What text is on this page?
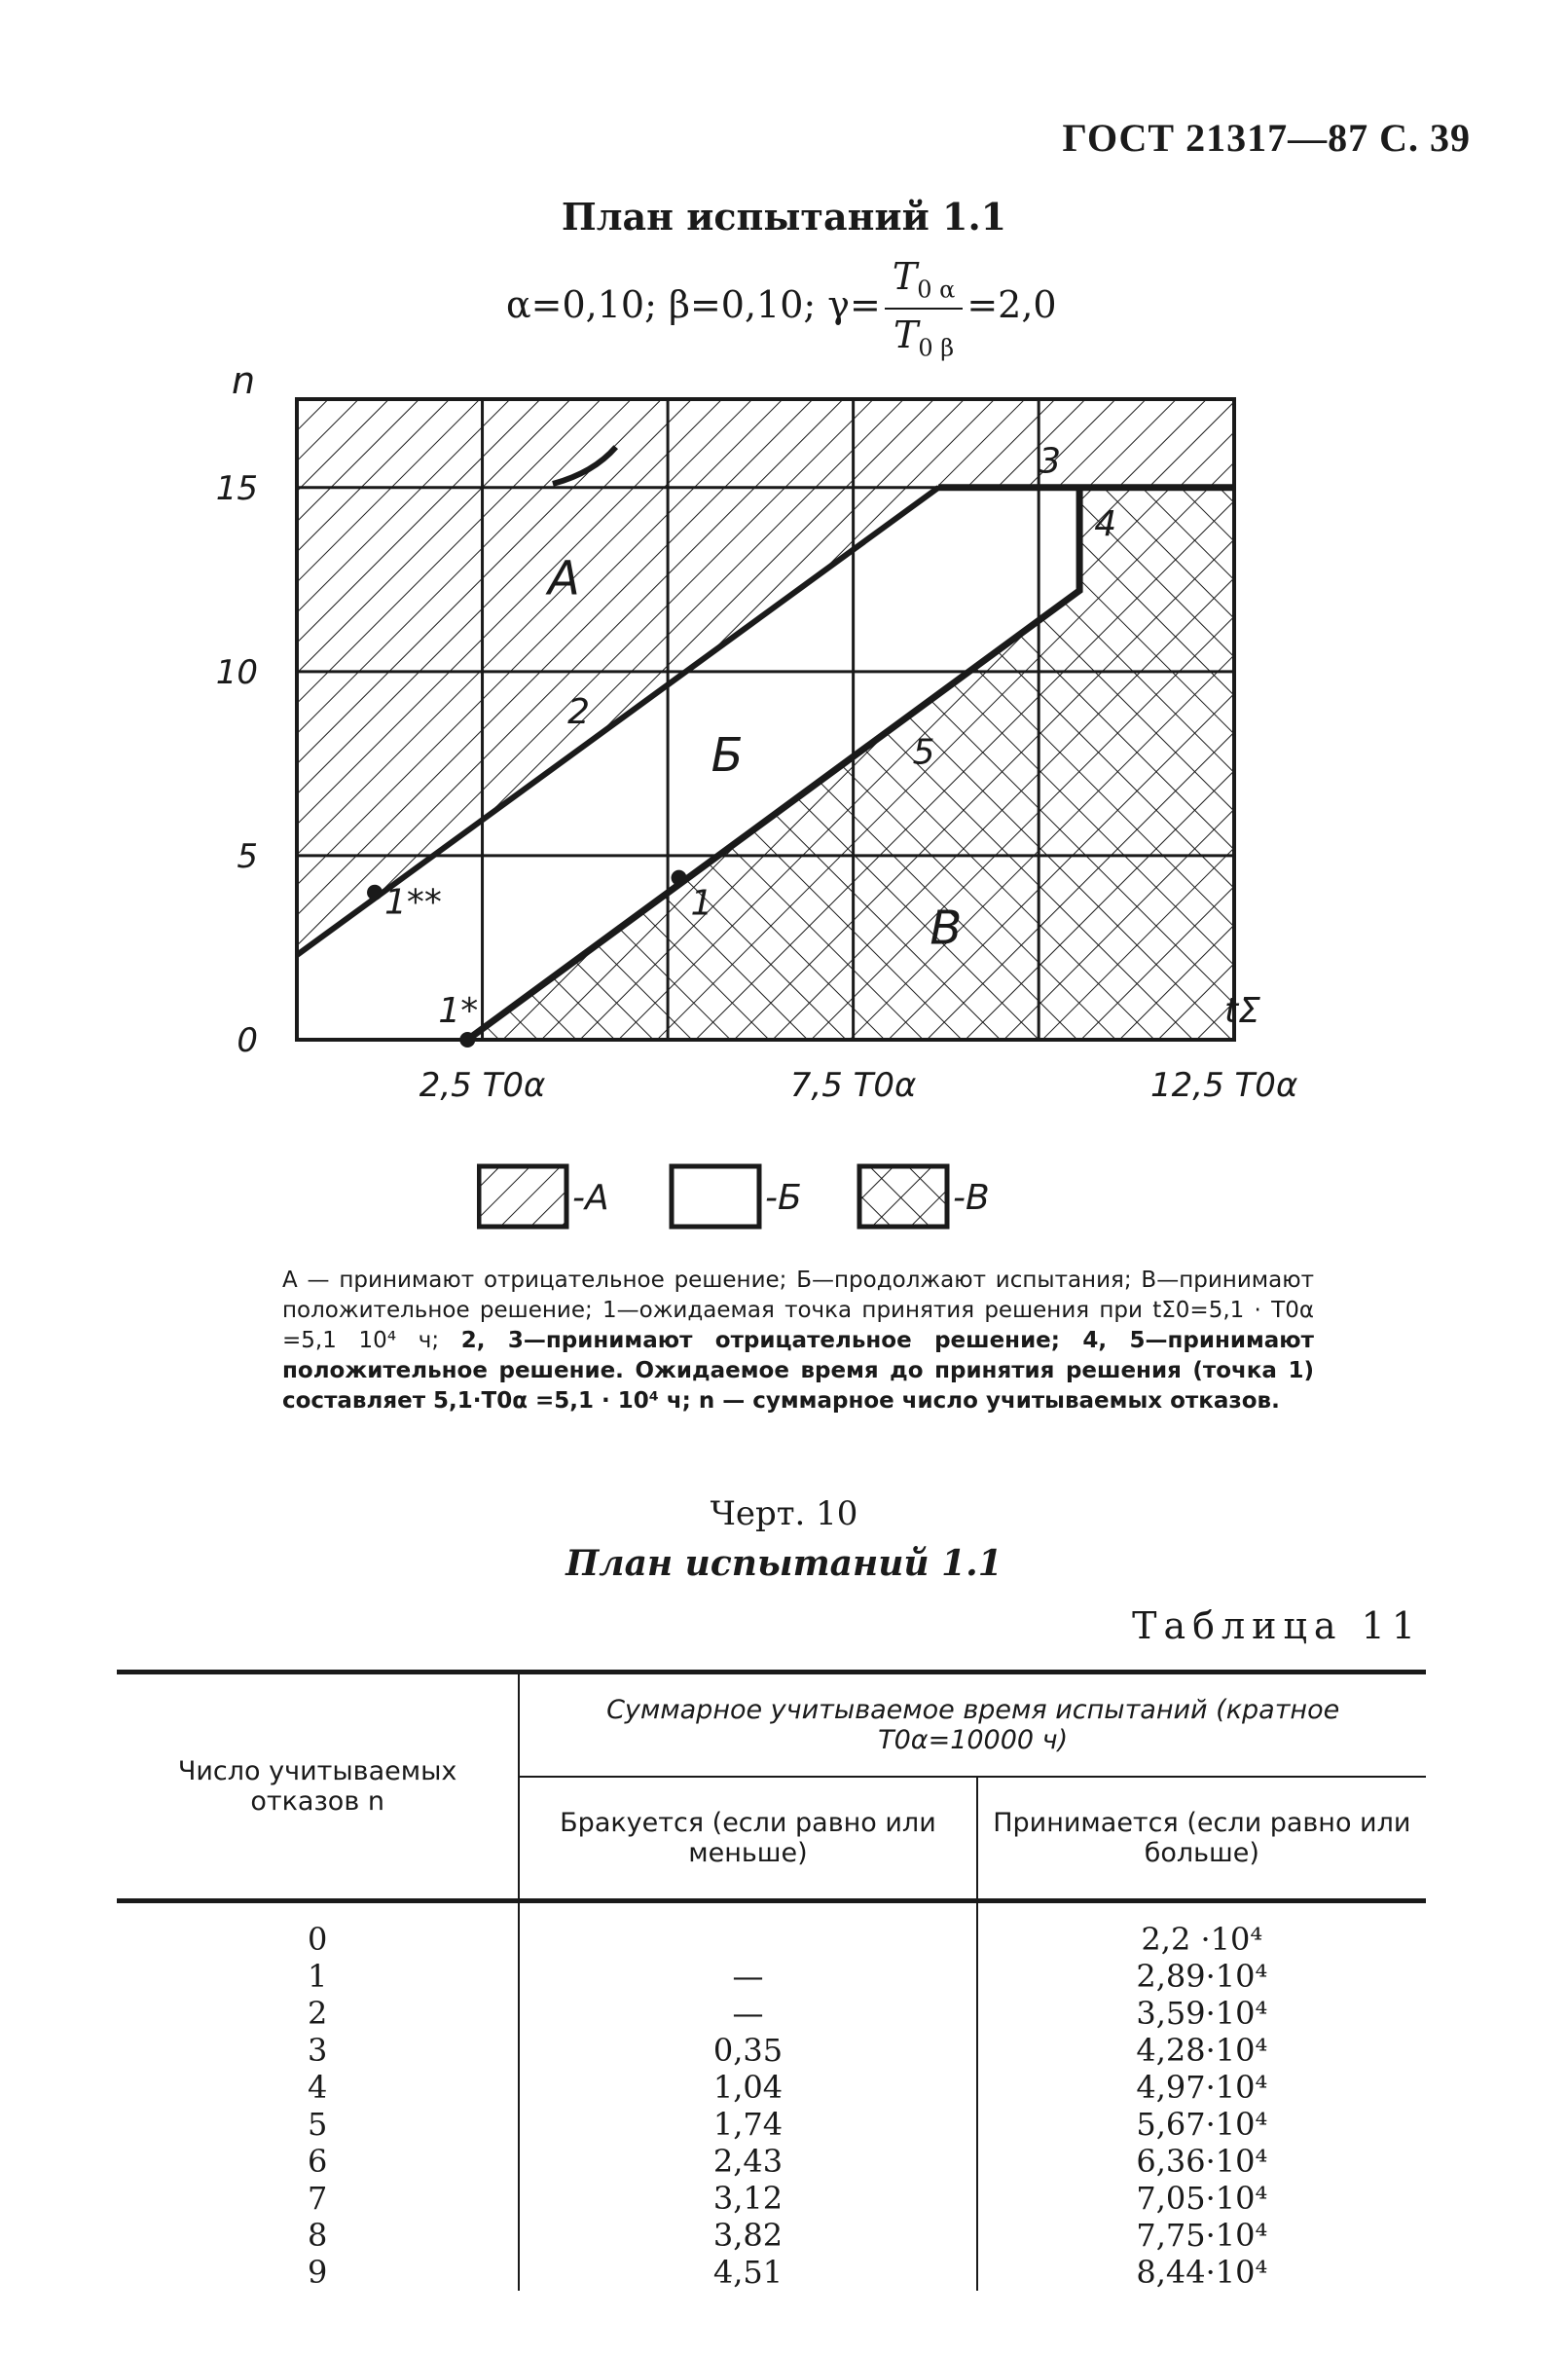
ГОСТ 21317—87 С. 39
План испытаний 1.1
α=0,10; β=0,10; $\gamma= \frac{T_{0 \alpha}}{T_{0 \beta}} =2,0$
0
5
10
15
2,5 Т0α	7,5 Т0α	12,5 Т0α
n
tΣ
А
Б
В
2
3
4
5
1
1*
1**
-А	-Б	-В
А — принимают отрицательное решение; Б—продолжают испытания; В—принимают положительное решение; 1—ожидаемая точка принятия решения при tΣ0=5,1 · T0α =5,1 10⁴ ч; 2, 3—принимают отрицательное решение; 4, 5—принимают положительное решение. Ожидаемое время до принятия решения (точка 1) составляет 5,1·T0α =5,1 · 10⁴ ч; n — суммарное число учитываемых отказов.
Черт. 10
План испытаний 1.1
Таблица 11
Число учитываемых отказов n	Суммарное учитываемое время испытаний (кратное T0α=10000 ч)	
	Бракуется (если равно или меньше)	Принимается (если равно или больше)
0		2,2 ·10⁴
1	—	2,89·10⁴
2	—	3,59·10⁴
3	0,35	4,28·10⁴
4	1,04	4,97·10⁴
5	1,74	5,67·10⁴
6	2,43	6,36·10⁴
7	3,12	7,05·10⁴
8	3,82	7,75·10⁴
9	4,51	8,44·10⁴
